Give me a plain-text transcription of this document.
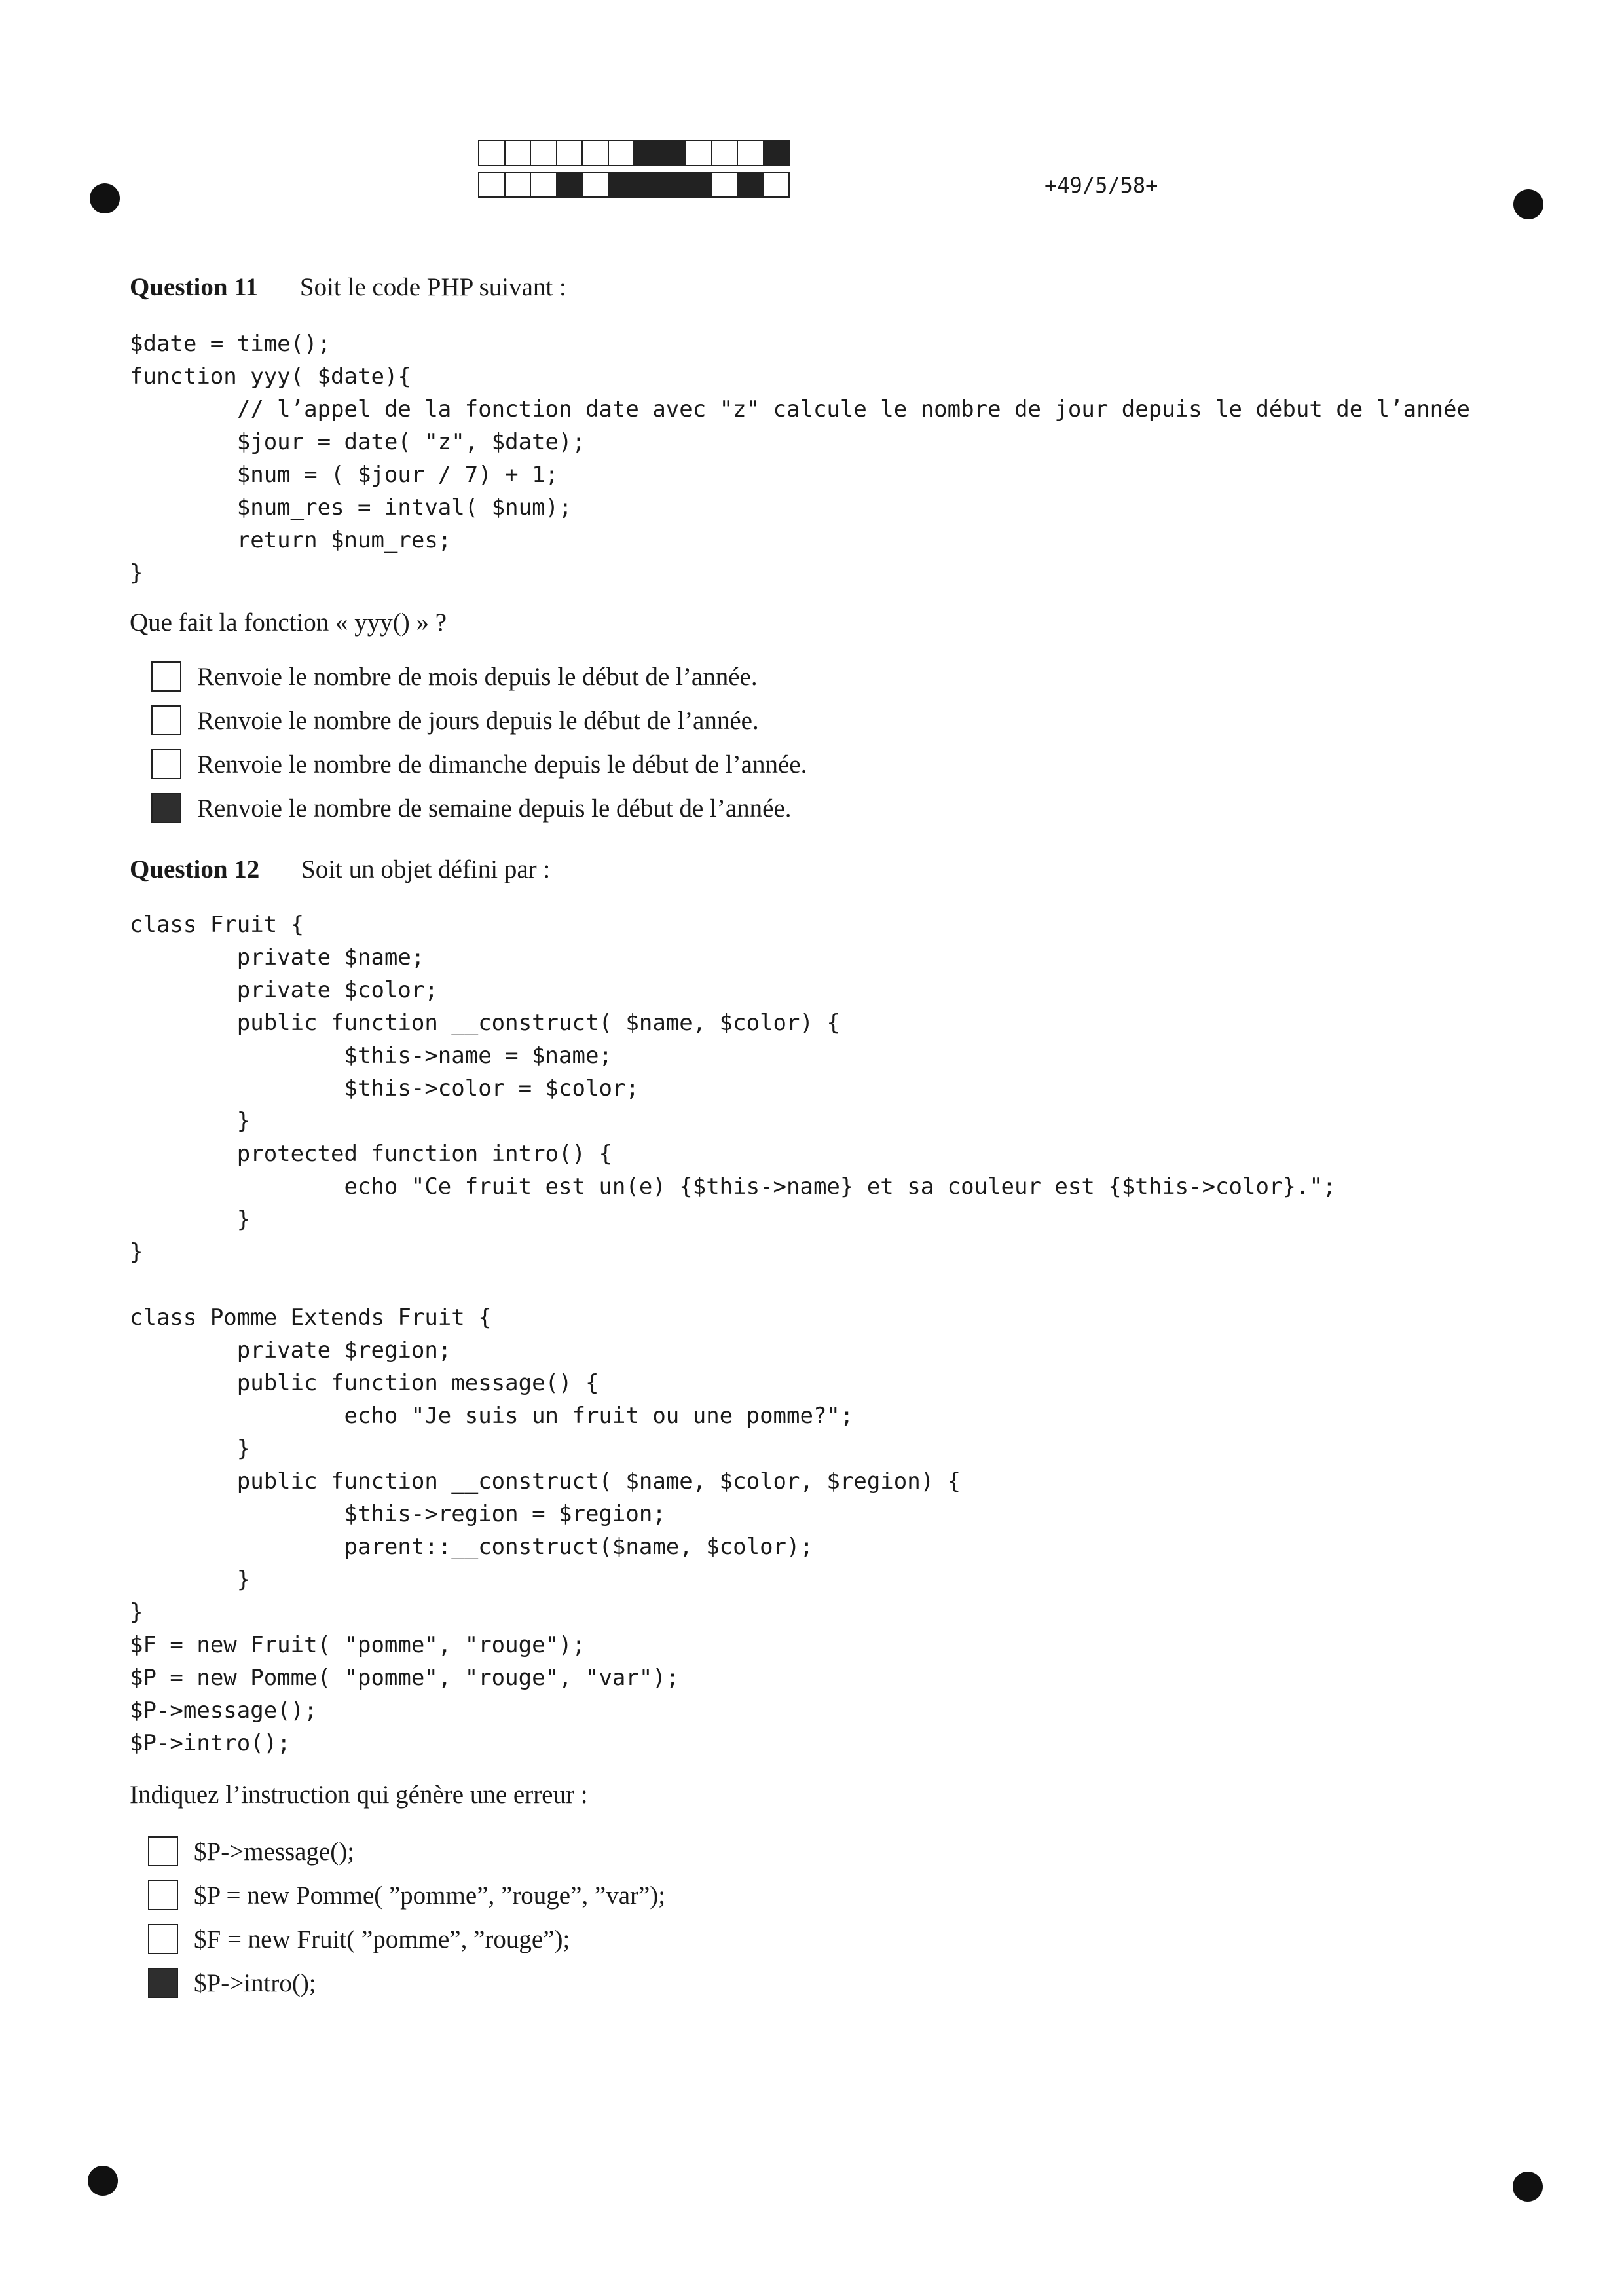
+49/5/58+
Question 11 Soit le code PHP suivant :
$date = time();
function yyy( $date){
// l’appel de la fonction date avec "z" calcule le nombre de jour depuis le début de l’année
$jour = date( "z", $date);
$num = ( $jour / 7) + 1;
$num_res = intval( $num);
return $num_res;
}
Que fait la fonction « yyy() » ?
Renvoie le nombre de mois depuis le début de l’année.
Renvoie le nombre de jours depuis le début de l’année.
Renvoie le nombre de dimanche depuis le début de l’année.
Renvoie le nombre de semaine depuis le début de l’année.
Question 12 Soit un objet défini par :
class Fruit {
private $name;
private $color;
public function __construct( $name, $color) {
$this->name = $name;
$this->color = $color;
}
protected function intro() {
echo "Ce fruit est un(e) {$this->name} et sa couleur est {$this->color}.";
}
}

class Pomme Extends Fruit {
private $region;
public function message() {
echo "Je suis un fruit ou une pomme?";
}
public function __construct( $name, $color, $region) {
$this->region = $region;
parent::__construct($name, $color);
}
}
$F = new Fruit( "pomme", "rouge");
$P = new Pomme( "pomme", "rouge", "var");
$P->message();
$P->intro();
Indiquez l’instruction qui génère une erreur :
$P->message();
$P = new Pomme( ”pomme”, ”rouge”, ”var”);
$F = new Fruit( ”pomme”, ”rouge”);
$P->intro();
